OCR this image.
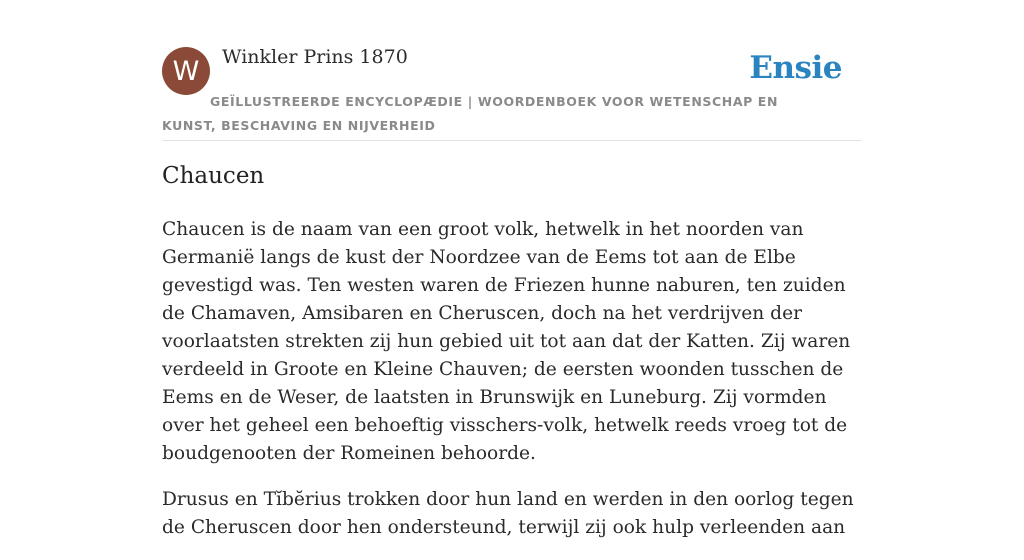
W Winkler Prins 1870	Ensie
GEÏLLUSTREERDE ENCYCLOPÆDIE | WOORDENBOEK VOOR WETENSCHAP EN KUNST, BESCHAVING EN NIJVERHEID
Chaucen

Chaucen is de naam van een groot volk, hetwelk in het noorden van Germanië langs de kust der Noordzee van de Eems tot aan de Elbe gevestigd was. Ten westen waren de Friezen hunne naburen, ten zuiden de Chamaven, Amsibaren en Cheruscen, doch na het verdrijven der voorlaatsten strekten zij hun gebied uit tot aan dat der Katten. Zij waren verdeeld in Groote en Kleine Chauven; de eersten woonden tusschen de Eems en de Weser, de laatsten in Brunswijk en Luneburg. Zij vormden over het geheel een behoeftig visschers-volk, hetwelk reeds vroeg tot de boudgenooten der Romeinen behoorde.

Drusus en Tĭbĕrius trokken door hun land en werden in den oorlog tegen de Cheruscen door hen ondersteund, terwijl zij ook hulp verleenden aan
